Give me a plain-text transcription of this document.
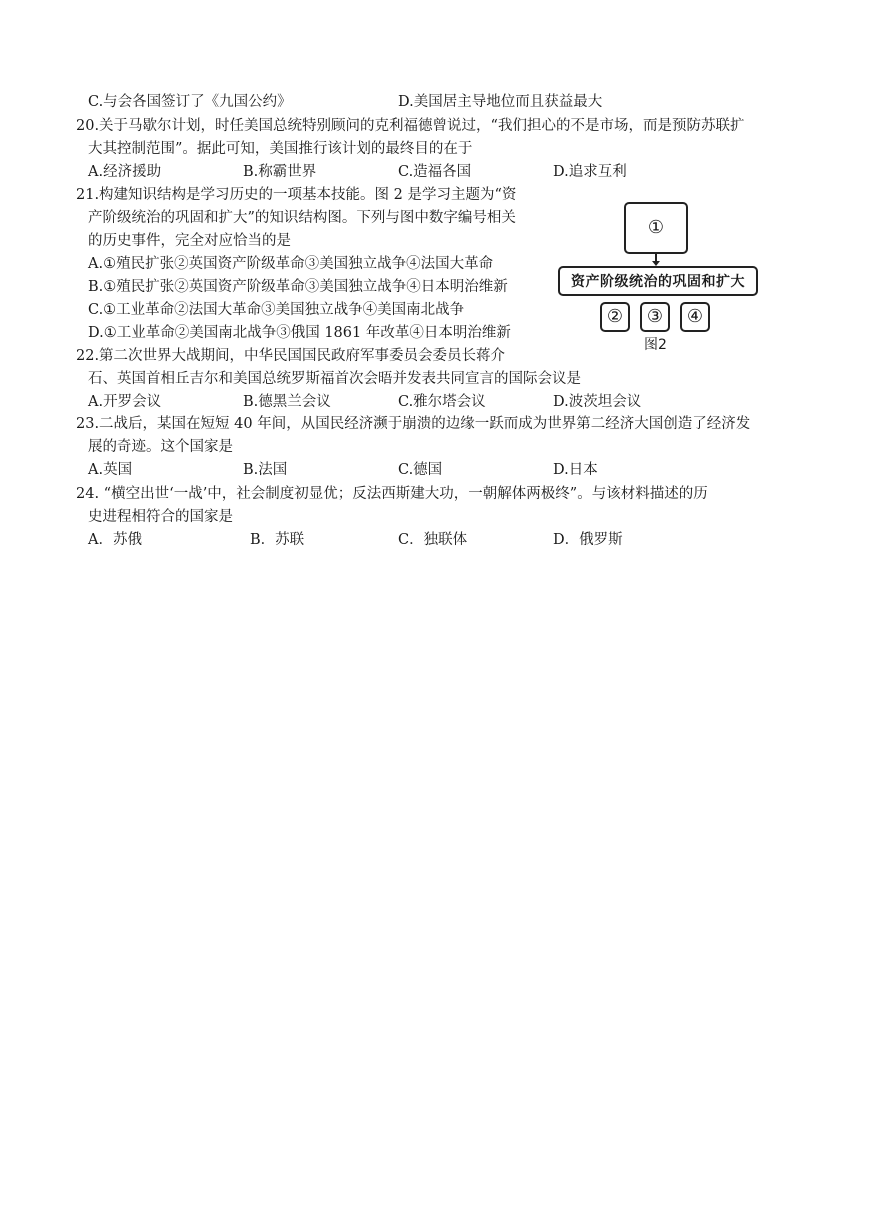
C.与会各国签订了《九国公约》	D.美国居主导地位而且获益最大
20.关于马歇尔计划，时任美国总统特别顾问的克利福德曾说过，“我们担心的不是市场，而是预防苏联扩
大其控制范围”。据此可知，美国推行该计划的最终目的在于
A.经济援助	B.称霸世界	C.造福各国	D.追求互利
21.构建知识结构是学习历史的一项基本技能。图 2 是学习主题为“资
产阶级统治的巩固和扩大”的知识结构图。下列与图中数字编号相关
的历史事件，完全对应恰当的是
A.①殖民扩张②英国资产阶级革命③美国独立战争④法国大革命
B.①殖民扩张②英国资产阶级革命③美国独立战争④日本明治维新
C.①工业革命②法国大革命③美国独立战争④美国南北战争
D.①工业革命②美国南北战争③俄国 1861 年改革④日本明治维新
①
资产阶级统治的巩固和扩大
② ③ ④
图2
22.第二次世界大战期间，中华民国国民政府军事委员会委员长蒋介
石、英国首相丘吉尔和美国总统罗斯福首次会晤并发表共同宣言的国际会议是
A.开罗会议	B.德黑兰会议	C.雅尔塔会议	D.波茨坦会议
23.二战后，某国在短短 40 年间，从国民经济濒于崩溃的边缘一跃而成为世界第二经济大国创造了经济发
展的奇迹。这个国家是
A.英国	B.法国	C.德国	D.日本
24. “横空出世‘一战’中，社会制度初显优；反法西斯建大功，一朝解体两极终”。与该材料描述的历
史进程相符合的国家是
A．苏俄	B．苏联	C．独联体	D．俄罗斯
